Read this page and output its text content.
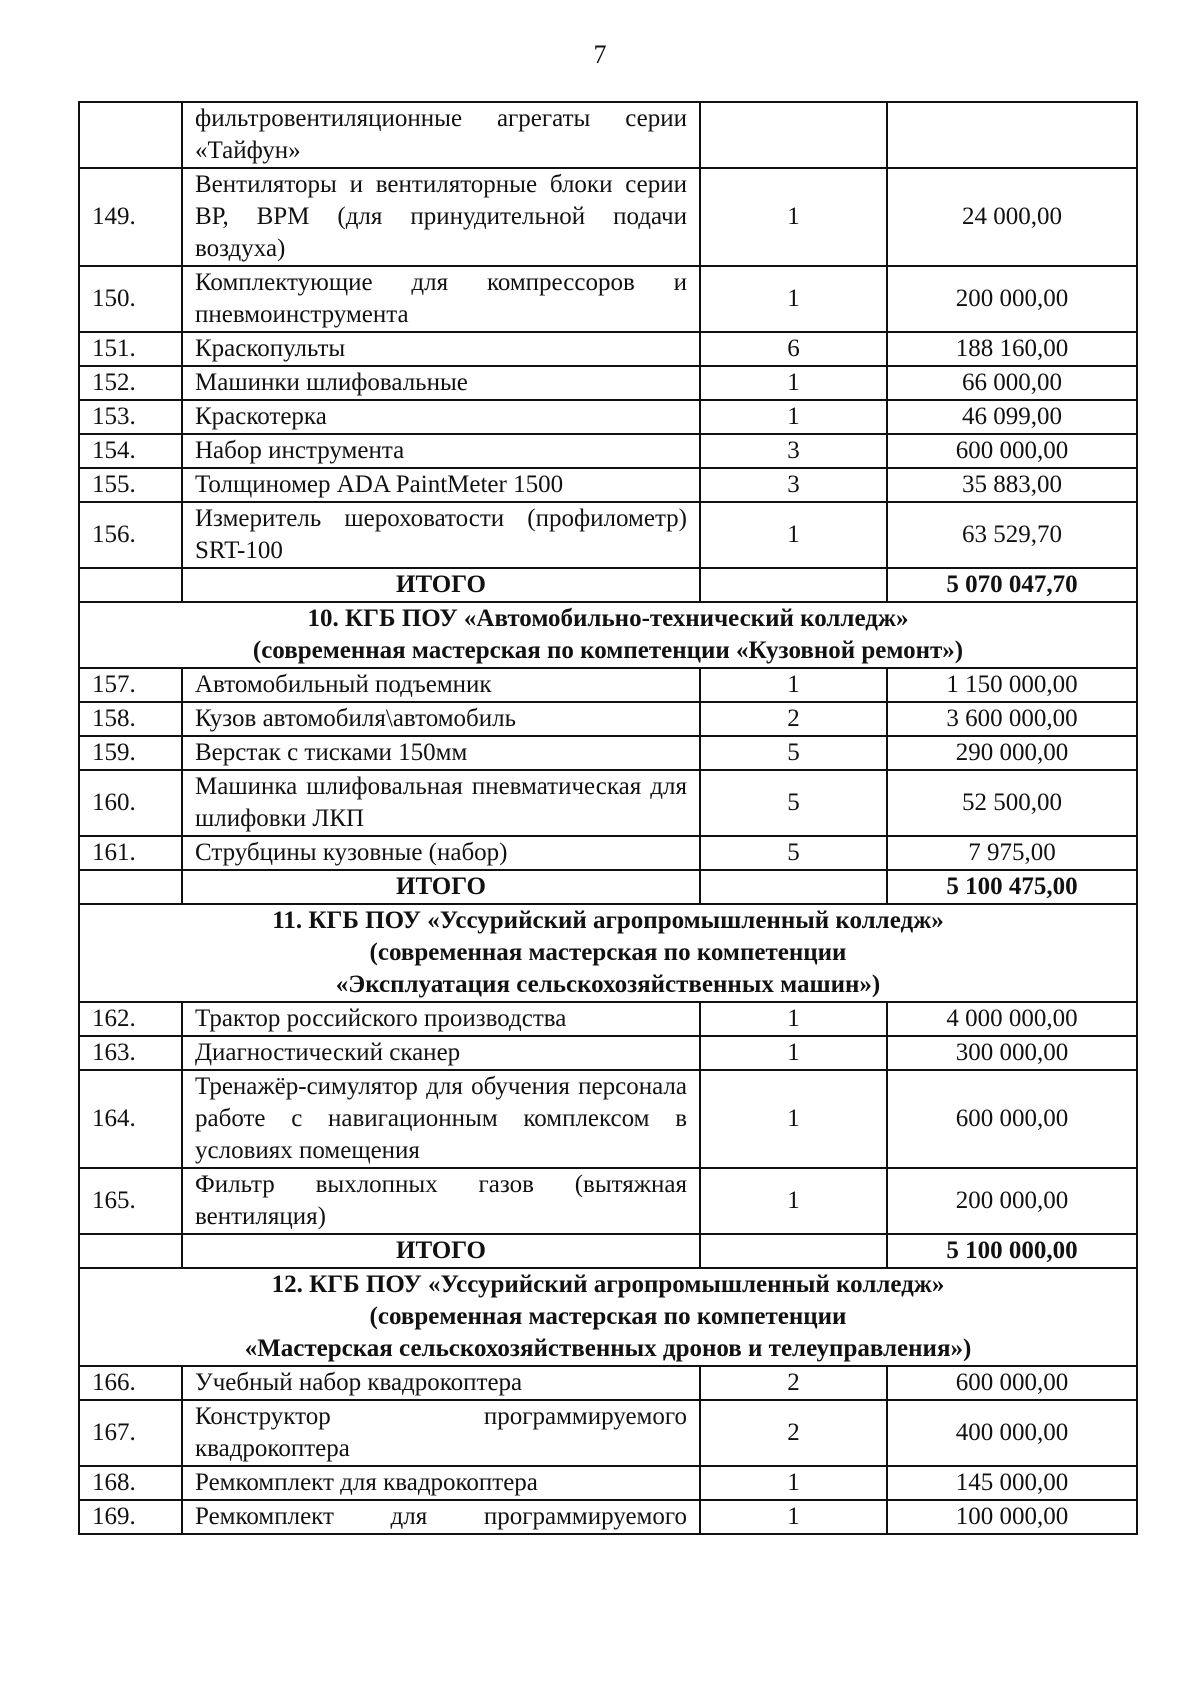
7
	фильтровентиляционные агрегаты серии «Тайфун»		
149.	Вентиляторы и вентиляторные блоки серии ВР, ВРМ (для принудительной подачи воздуха)	1	24 000,00
150.	Комплектующие для компрессоров и пневмоинструмента	1	200 000,00
151.	Краскопульты	6	188 160,00
152.	Машинки шлифовальные	1	66 000,00
153.	Краскотерка	1	46 099,00
154.	Набор инструмента	3	600 000,00
155.	Толщиномер ADA PaintMeter 1500	3	35 883,00
156.	Измеритель шероховатости (профилометр) SRT-100	1	63 529,70
	ИТОГО		5 070 047,70

10. КГБ ПОУ «Автомобильно-технический колледж»
(современная мастерская по компетенции «Кузовной ремонт»)			

157.	Автомобильный подъемник	1	1 150 000,00
158.	Кузов автомобиля\автомобиль	2	3 600 000,00
159.	Верстак с тисками 150мм	5	290 000,00
160.	Машинка шлифовальная пневматическая для шлифовки ЛКП	5	52 500,00
161.	Струбцины кузовные (набор)	5	7 975,00
	ИТОГО		5 100 475,00

11. КГБ ПОУ «Уссурийский агропромышленный колледж»
(современная мастерская по компетенции
«Эксплуатация сельскохозяйственных машин»)			

162.	Трактор российского производства	1	4 000 000,00
163.	Диагностический сканер	1	300 000,00
164.	Тренажёр-симулятор для обучения персонала работе с навигационным комплексом в условиях помещения	1	600 000,00
165.	Фильтр выхлопных газов (вытяжная вентиляция)	1	200 000,00
	ИТОГО		5 100 000,00

12. КГБ ПОУ «Уссурийский агропромышленный колледж»
(современная мастерская по компетенции
«Мастерская сельскохозяйственных дронов и телеуправления»)			

166.	Учебный набор квадрокоптера	2	600 000,00
167.	Конструктор программируемого квадрокоптера	2	400 000,00
168.	Ремкомплект для квадрокоптера	1	145 000,00
169.	Ремкомплект для программируемого	1	100 000,00
